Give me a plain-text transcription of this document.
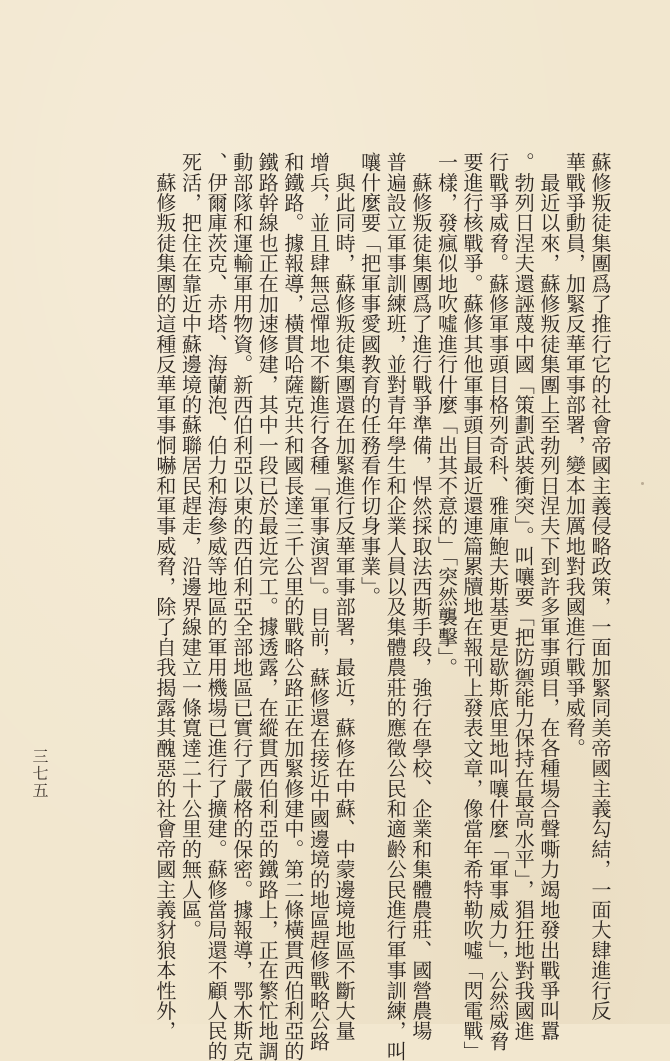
蘇修叛徒集團爲了推行它的社會帝國主義侵略政策，一面加緊同美帝國主義勾結，一面大肆進行反
華戰爭動員，加緊反華軍事部署，變本加厲地對我國進行戰爭威脅。
　最近以來，蘇修叛徒集團上至勃列日涅夫下到許多軍事頭目，在各種場合聲嘶力竭地發出戰爭叫囂
。勃列日涅夫還誣蔑中國「策劃武裝衝突」。叫嚷要「把防禦能力保持在最高水平」，猖狂地對我國進
行戰爭威脅。蘇修軍事頭目格列奇科、雅庫鮑夫斯基更是歇斯底里地叫嚷什麼「軍事威力」，公然威脅
要進行核戰爭。蘇修其他軍事頭目最近還連篇累牘地在報刊上發表文章，像當年希特勒吹噓「閃電戰」
一樣，發瘋似地吹噓進行什麼「出其不意的」「突然襲擊」。
　蘇修叛徒集團爲了進行戰爭準備，悍然採取法西斯手段，強行在學校、企業和集體農莊、國營農場
普遍設立軍事訓練班，並對青年學生和企業人員以及集體農莊的應徵公民和適齡公民進行軍事訓練，叫
嚷什麼要「把軍事愛國教育的任務看作切身事業」。
　與此同時，蘇修叛徒集團還在加緊進行反華軍事部署，最近，蘇修在中蘇、中蒙邊境地區不斷大量
增兵，並且肆無忌憚地不斷進行各種「軍事演習」。目前，蘇修還在接近中國邊境的地區趕修戰略公路
和鐵路。據報導，橫貫哈薩克共和國長達三千公里的戰略公路正在加緊修建中。第二條橫貫西伯利亞的
鐵路幹線也正在加速修建，其中一段已於最近完工。據透露，在縱貫西伯利亞的鐵路上，正在繁忙地調
動部隊和運輸軍用物資。新西伯利亞以東的西伯利亞全部地區已實行了嚴格的保密。據報導，鄂木斯克
、伊爾庫茨克、赤塔、海蘭泡、伯力和海參威等地區的軍用機場已進行了擴建。蘇修當局還不顧人民的
死活，把住在靠近中蘇邊境的蘇聯居民趕走，沿邊界線建立一條寬達二十公里的無人區。
　蘇修叛徒集團的這種反華軍事恫嚇和軍事威脅，除了自我揭露其醜惡的社會帝國主義豺狼本性外，
三七五
